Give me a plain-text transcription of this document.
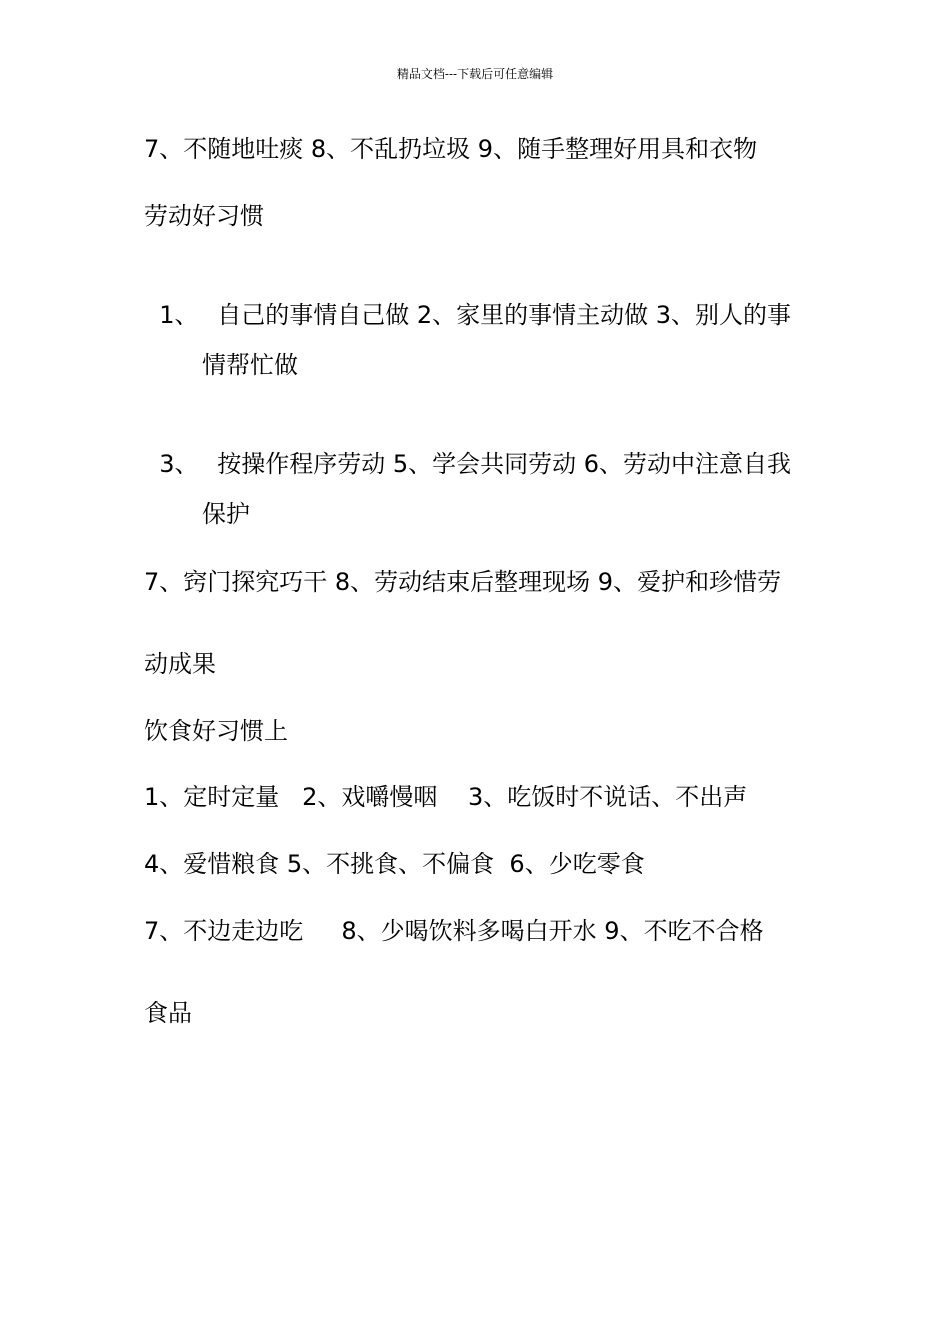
精品文档---下载后可任意编辑
7、不随地吐痰 8、不乱扔垃圾 9、随手整理好用具和衣物
劳动好习惯

1、 自己的事情自己做 2、家里的事情主动做 3、别人的事

情帮忙做

3、 按操作程序劳动 5、学会共同劳动 6、劳动中注意自我

保护
7、窍门探究巧干 8、劳动结束后整理现场 9、爱护和珍惜劳
动成果
饮食好习惯上
1、定时定量   2、戏嚼慢咽    3、吃饭时不说话、不出声
4、爱惜粮食 5、不挑食、不偏食  6、少吃零食
7、不边走边吃     8、少喝饮料多喝白开水 9、不吃不合格
食品
